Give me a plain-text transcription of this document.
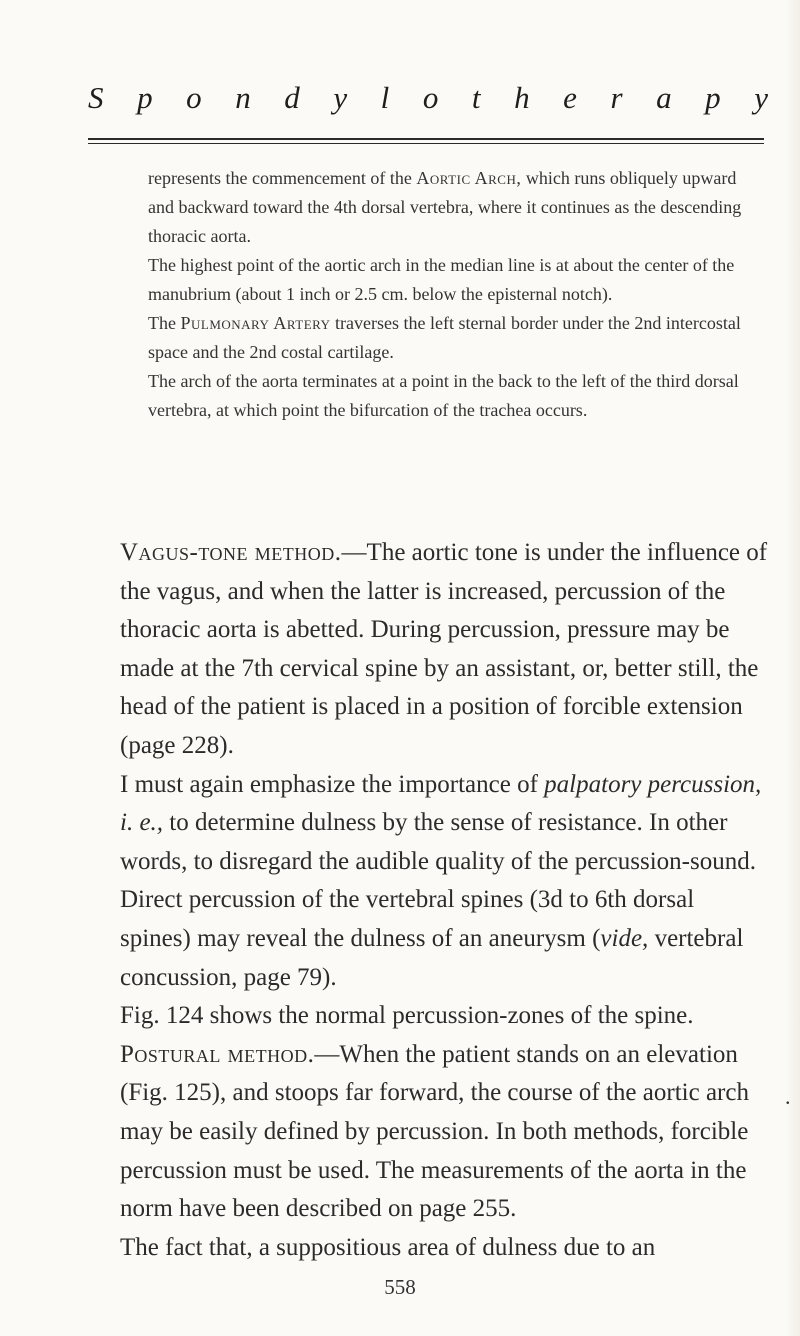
S p o n d y l o t h e r a p y

represents the commencement of the Aortic Arch, which runs obliquely upward and backward toward the 4th dorsal vertebra, where it continues as the descending thoracic aorta.

The highest point of the aortic arch in the median line is at about the center of the manubrium (about 1 inch or 2.5 cm. below the episternal notch).

The Pulmonary Artery traverses the left sternal border under the 2nd intercostal space and the 2nd costal cartilage.

The arch of the aorta terminates at a point in the back to the left of the third dorsal vertebra, at which point the bifurcation of the trachea occurs.

Vagus-tone method.—The aortic tone is under the influence of the vagus, and when the latter is increased, percussion of the thoracic aorta is abetted. During percussion, pressure may be made at the 7th cervical spine by an assistant, or, better still, the head of the patient is placed in a position of forcible extension (page 228).

I must again emphasize the importance of palpatory percussion, i. e., to determine dulness by the sense of resistance. In other words, to disregard the audible quality of the percussion-sound.

Direct percussion of the vertebral spines (3d to 6th dorsal spines) may reveal the dulness of an aneurysm (vide, vertebral concussion, page 79).

Fig. 124 shows the normal percussion-zones of the spine.

Postural method.—When the patient stands on an elevation (Fig. 125), and stoops far forward, the course of the aortic arch may be easily defined by percussion. In both methods, forcible percussion must be used. The measurements of the aorta in the norm have been described on page 255.

The fact that, a suppositious area of dulness due to an

.
558
